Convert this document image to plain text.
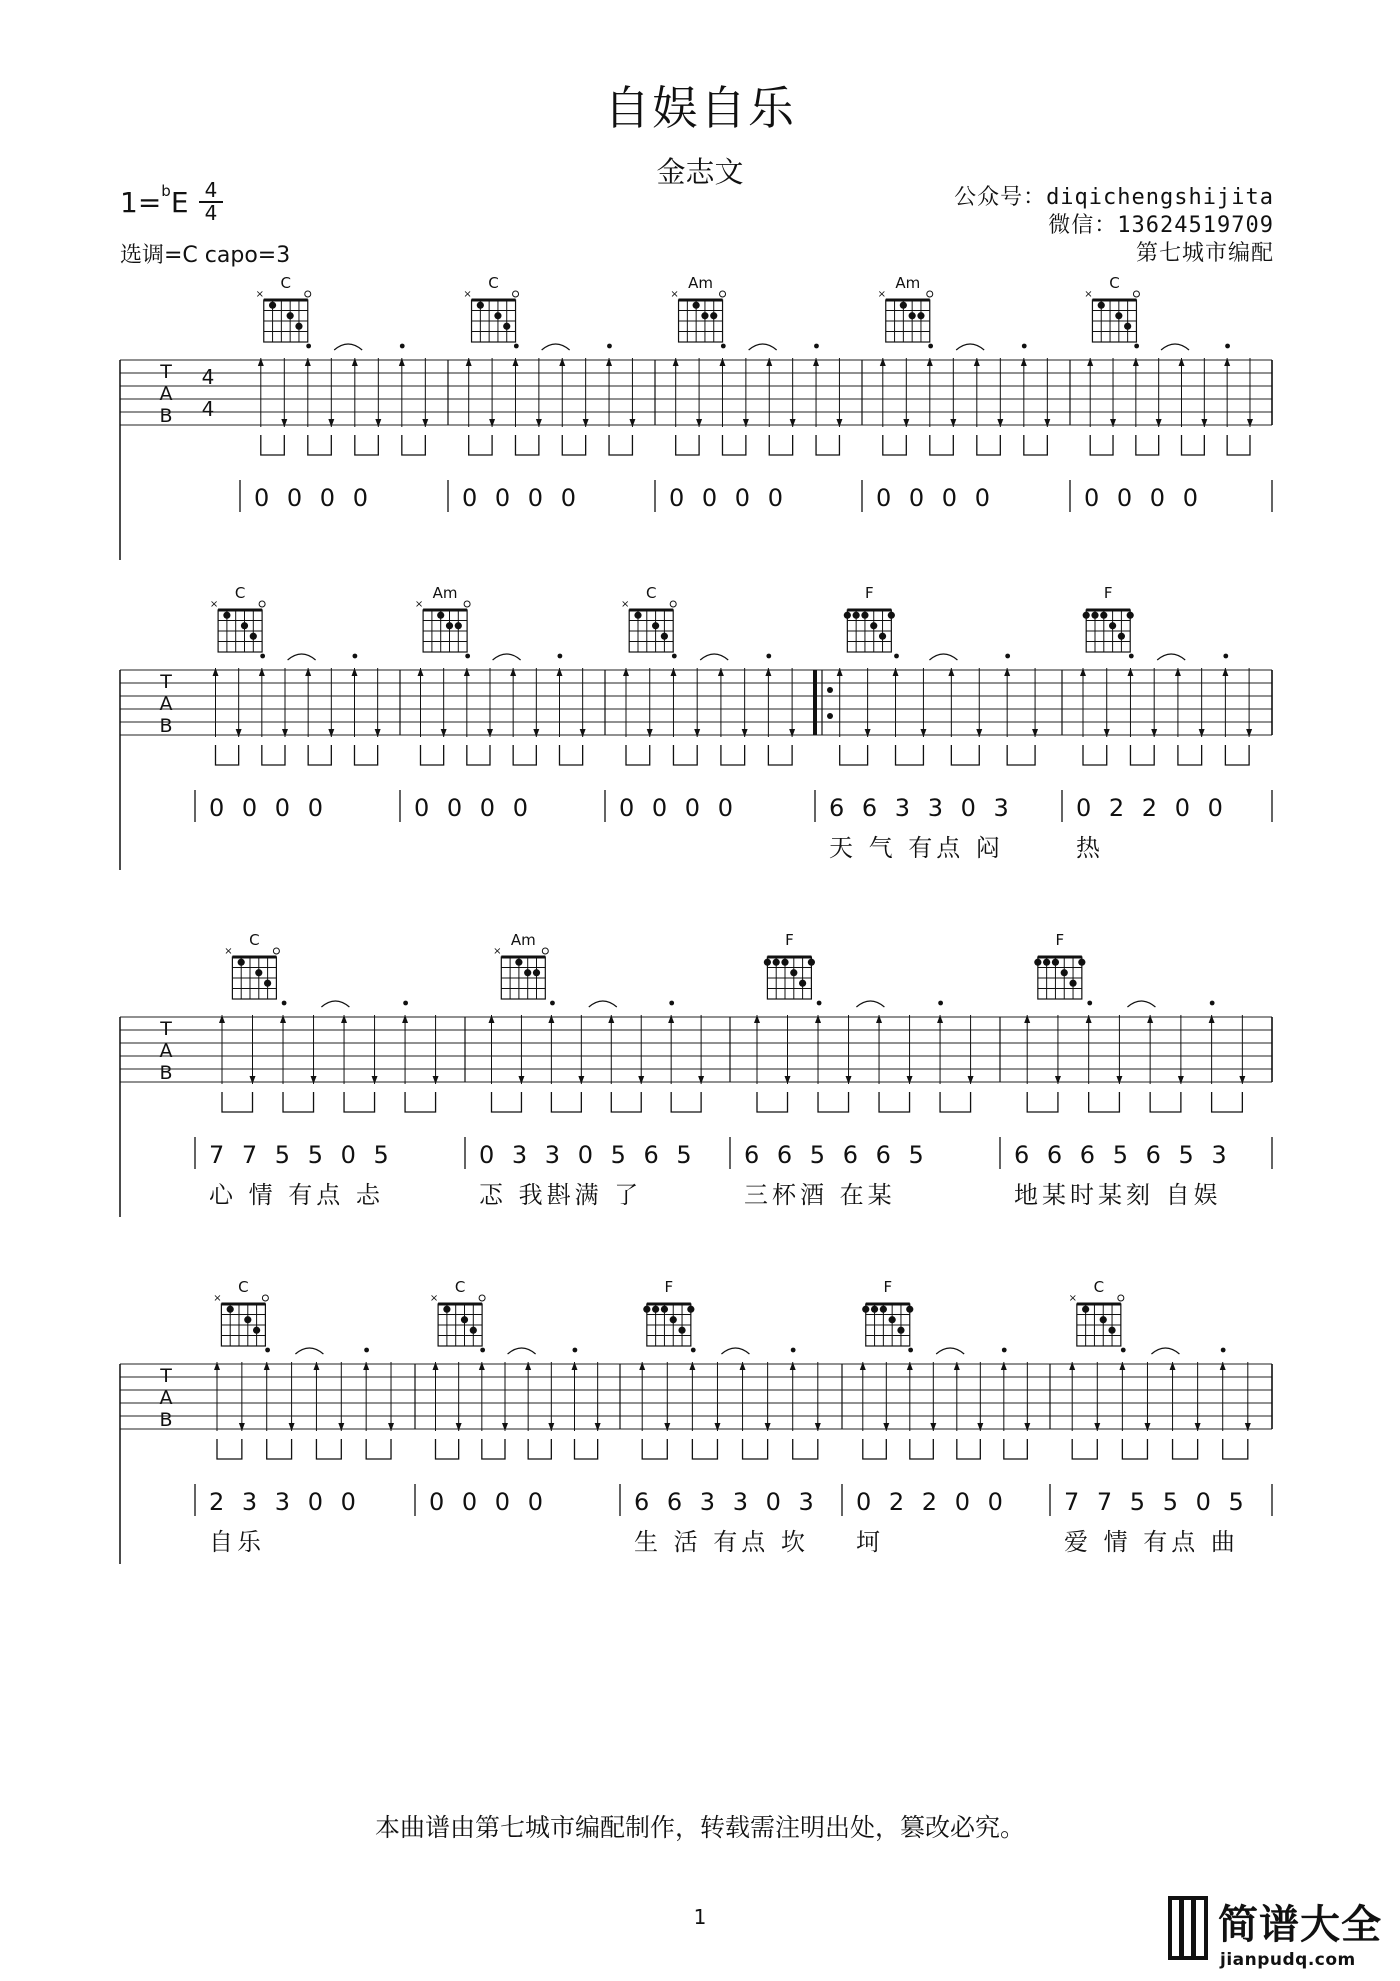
自娱自乐
金志文
$1=^bE \frac{4}{4}$
选调=C capo=3
公众号：diqichengshijita
微信：13624519709
第七城市编配
T
A
B
4
4
C
×
0 0 0 0
C
×
0 0 0 0
Am
×
0 0 0 0
Am
×
0 0 0 0
C
×
0 0 0 0
T
A
B
C
×
0 0 0 0
Am
×
0 0 0 0
C
×
0 0 0 0
F
6 6 3 3 0 3
天 气 有点 闷
F
0 2 2 0 0
热
T
A
B
C
×
7 7 5 5 0 5
心 情 有点 忐
Am
×
0 3 3 0 5 6 5
忑 我斟满 了
F
6 6 5 6 6 5
三杯酒 在某
F
6 6 6 5 6 5 3
地某时某刻 自娱
T
A
B
C
×
2 3 3 0 0
自乐
C
×
0 0 0 0
F
6 6 3 3 0 3
生 活 有点 坎
F
0 2 2 0 0
坷
C
×
7 7 5 5 0 5
爱 情 有点 曲
本曲谱由第七城市编配制作，转载需注明出处，篡改必究。
1	简谱大全
jianpudq.com
